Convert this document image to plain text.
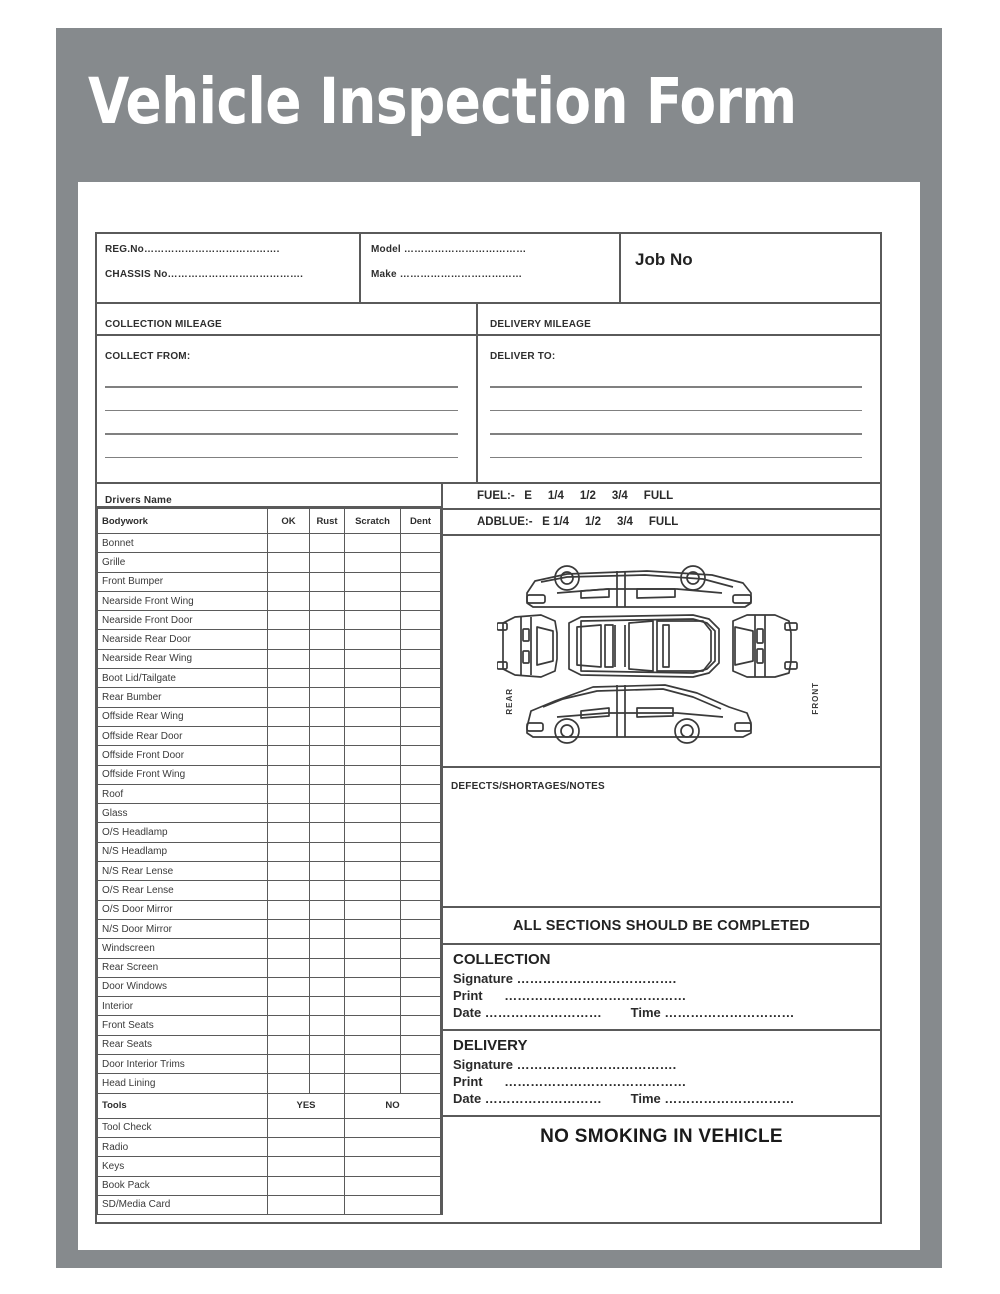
Vehicle Inspection Form
REG.No………………………………….
CHASSIS No………………………………….
Model ………………………………
Make ………………………………
Job No
COLLECTION MILEAGE	DELIVERY MILEAGE
COLLECT FROM:	DELIVER TO:
Drivers Name
Bodywork	OK	Rust	Scratch	Dent
Bonnet				
Grille				
Front Bumper				
Nearside Front Wing				
Nearside Front Door				
Nearside Rear Door				
Nearside Rear Wing				
Boot Lid/Tailgate				
Rear Bumber				
Offside Rear Wing				
Offside Rear Door				
Offside Front Door				
Offside Front Wing				
Roof				
Glass				
O/S Headlamp				
N/S Headlamp				
N/S Rear Lense				
O/S Rear Lense				
O/S Door Mirror				
N/S Door Mirror				
Windscreen				
Rear Screen				
Door Windows				
Interior				
Front Seats				
Rear Seats				
Door Interior Trims				
Head Lining				
Tools	YES		NO	
Tool Check				
Radio				
Keys				
Book Pack				
SD/Media Card				
FUEL:-   E     1/4     1/2     3/4     FULL
ADBLUE:-   E 1/4     1/2     3/4     FULL
REAR	FRONT
DEFECTS/SHORTAGES/NOTES
ALL SECTIONS SHOULD BE COMPLETED
COLLECTION
Signature ……………………………….
Print      ……………………………………
Date ………………………        Time …………………………
DELIVERY
Signature ……………………………….
Print      ……………………………………
Date ………………………        Time …………………………
NO SMOKING IN VEHICLE
